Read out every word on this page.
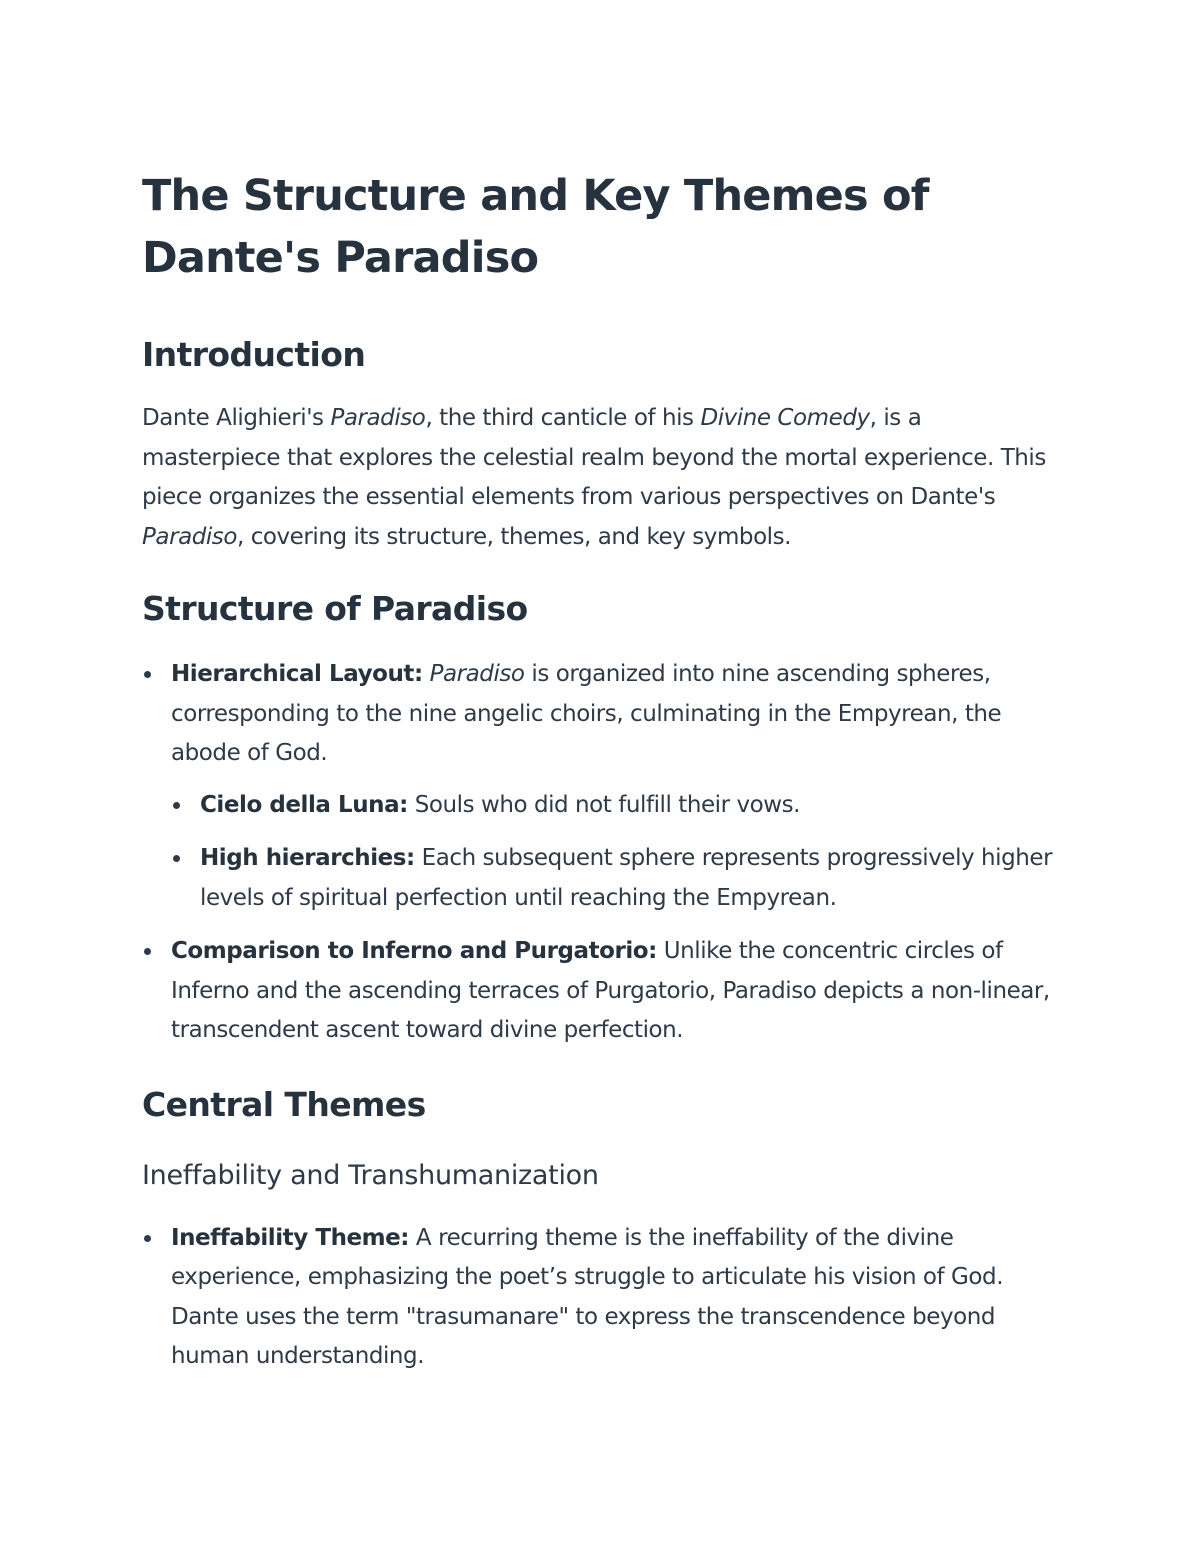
The Structure and Key Themes of Dante's Paradiso
Introduction

Dante Alighieri's Paradiso, the third canticle of his Divine Comedy, is a masterpiece that explores the celestial realm beyond the mortal experience. This piece organizes the essential elements from various perspectives on Dante's Paradiso, covering its structure, themes, and key symbols.

Structure of Paradiso
Hierarchical Layout: Paradiso is organized into nine ascending spheres, corresponding to the nine angelic choirs, culminating in the Empyrean, the abode of God.
Cielo della Luna: Souls who did not fulfill their vows.
High hierarchies: Each subsequent sphere represents progressively higher levels of spiritual perfection until reaching the Empyrean.
Comparison to Inferno and Purgatorio: Unlike the concentric circles of Inferno and the ascending terraces of Purgatorio, Paradiso depicts a non-linear, transcendent ascent toward divine perfection.
Central Themes
Ineffability and Transhumanization
Ineffability Theme: A recurring theme is the ineffability of the divine experience, emphasizing the poet’s struggle to articulate his vision of God. Dante uses the term "trasumanare" to express the transcendence beyond human understanding.
